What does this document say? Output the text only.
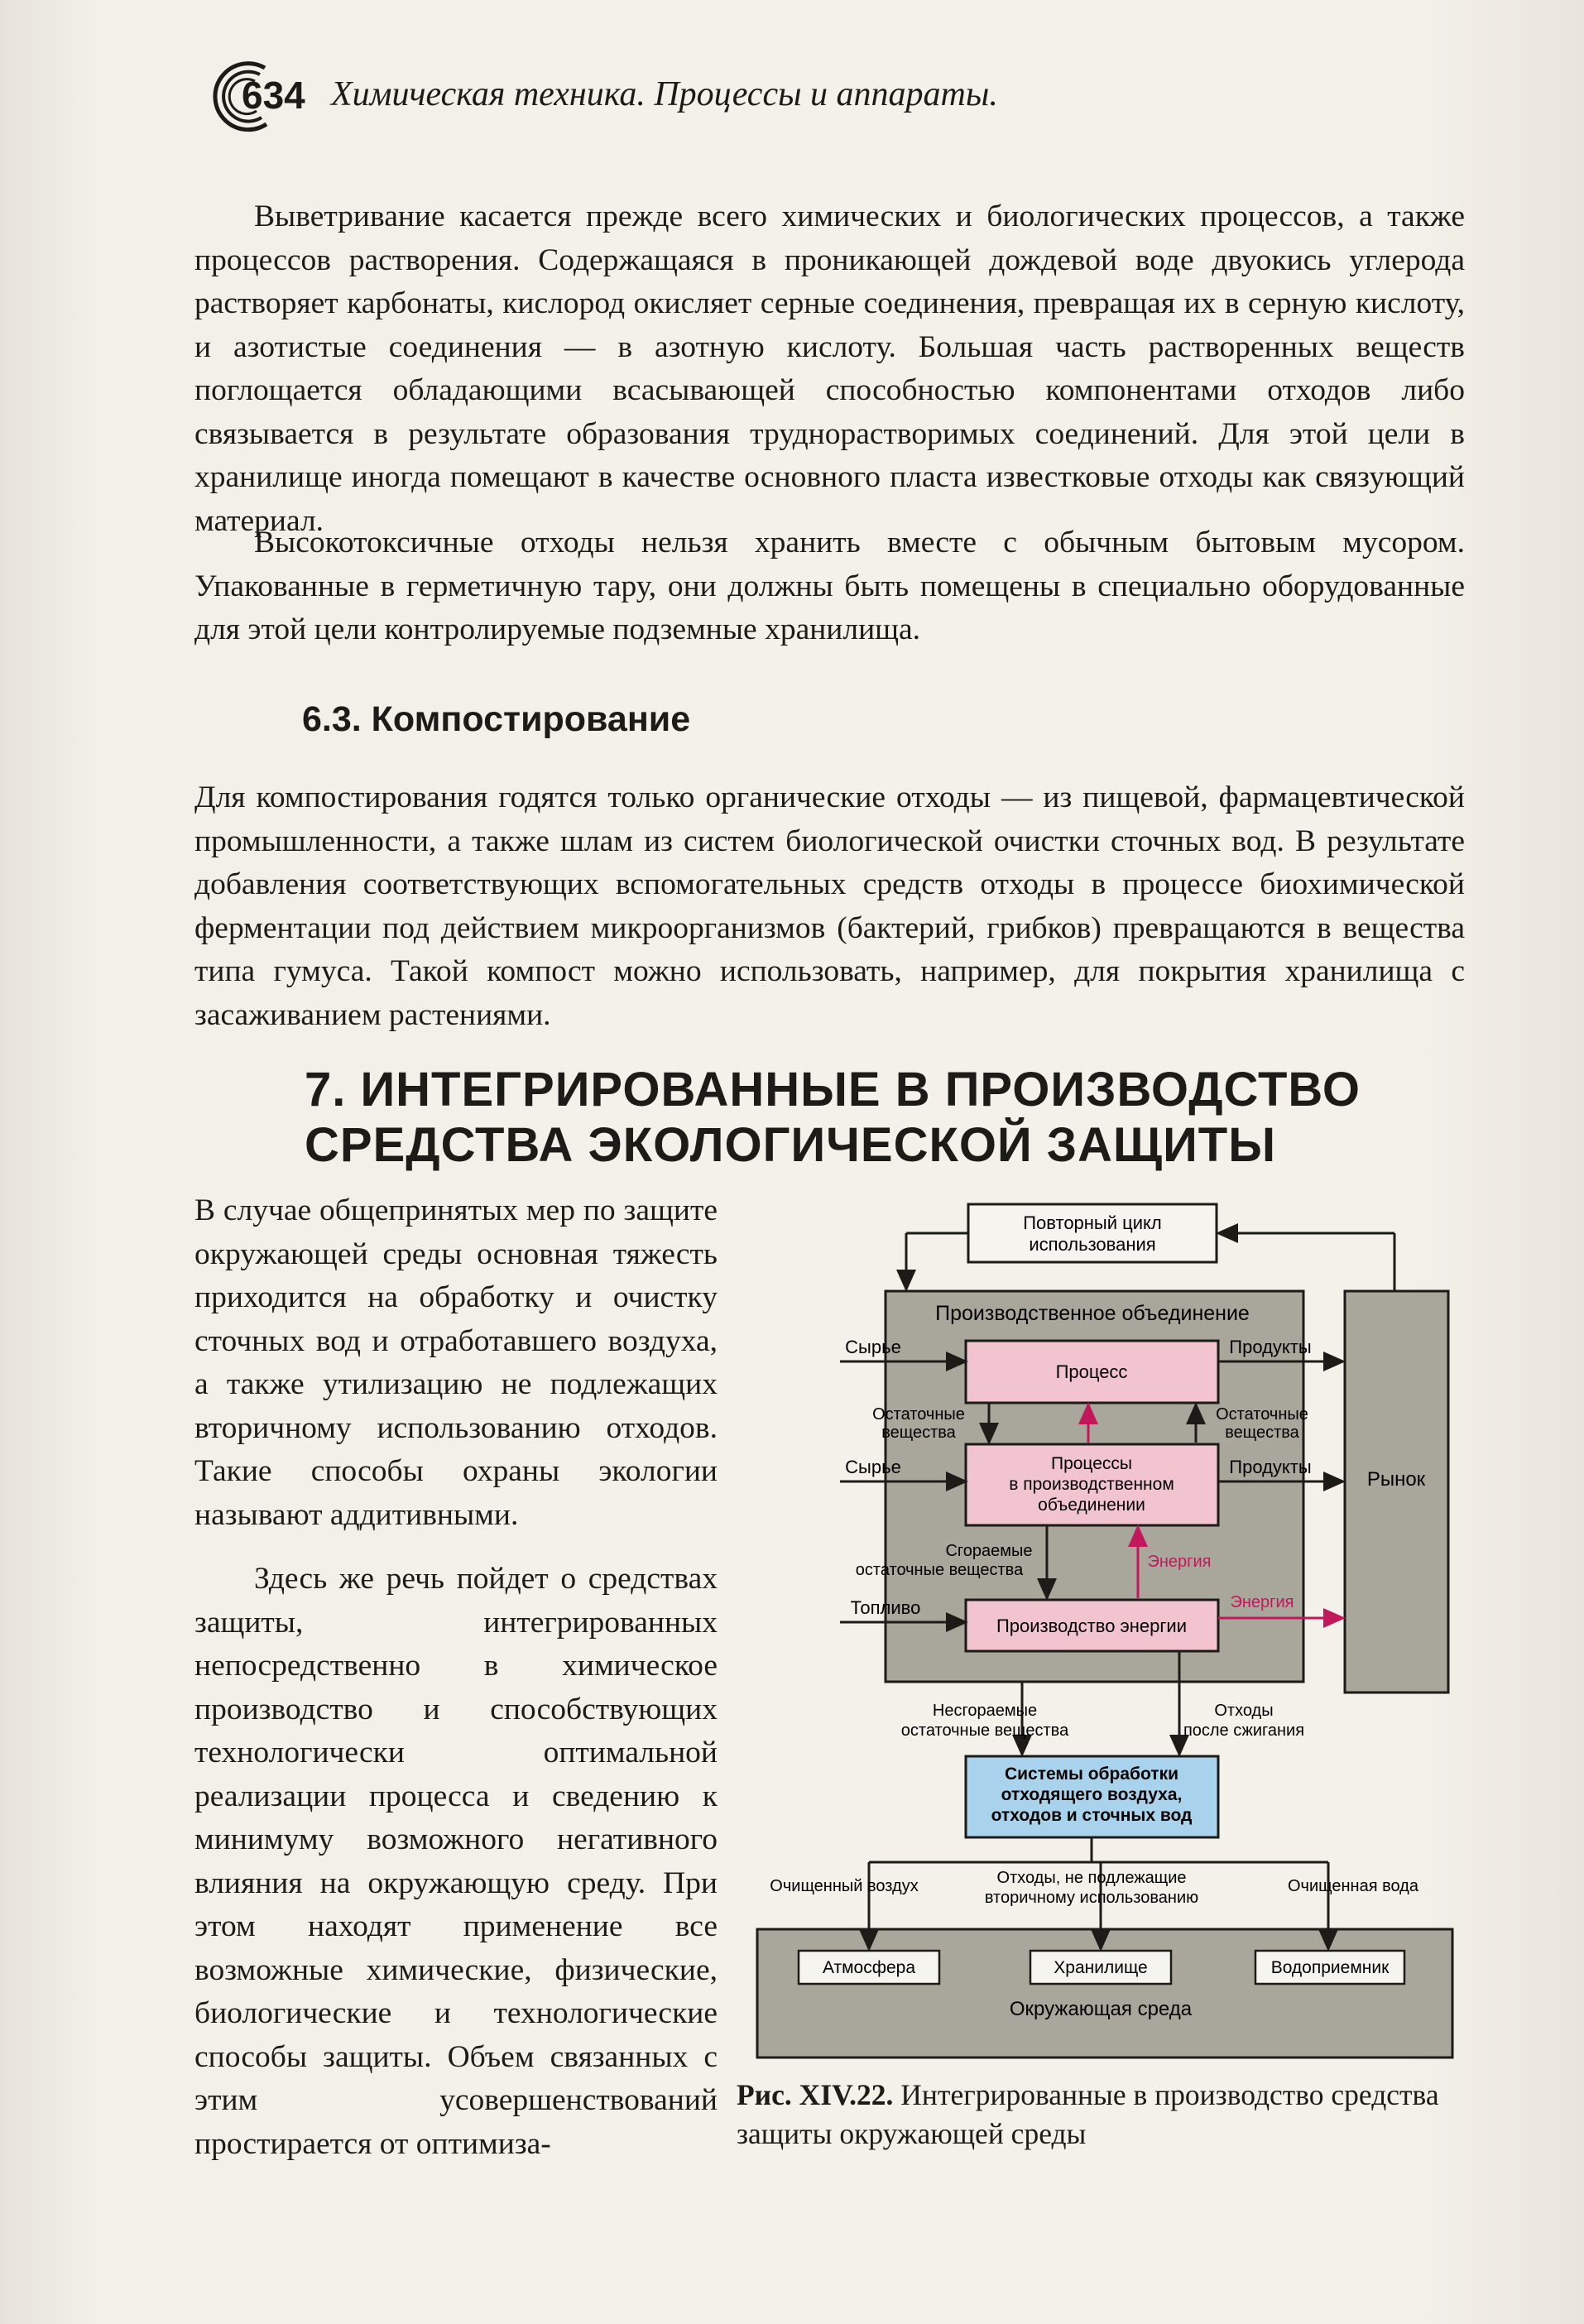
634 Химическая техника. Процессы и аппараты.

Выветривание касается прежде всего химических и биологических процессов, а также процессов растворения. Содержащаяся в проникающей дождевой воде двуокись углерода растворяет карбонаты, кислород окисляет серные соединения, превращая их в серную кислоту, и азотистые соединения — в азотную кислоту. Большая часть растворенных веществ поглощается обладающими всасывающей способностью компонентами отходов либо связывается в результате образования труднорастворимых соединений. Для этой цели в хранилище иногда помещают в качестве основного пласта известковые отходы как связующий материал.

Высокотоксичные отходы нельзя хранить вместе с обычным бытовым мусором. Упакованные в герметичную тару, они должны быть помещены в специально оборудованные для этой цели контролируемые подземные хранилища.

6.3. Компостирование

Для компостирования годятся только органические отходы — из пищевой, фармацевтической промышленности, а также шлам из систем биологической очистки сточных вод. В результате добавления соответствующих вспомогательных средств отходы в процессе биохимической ферментации под действием микроорганизмов (бактерий, грибков) превращаются в вещества типа гумуса. Такой компост можно использовать, например, для покрытия хранилища с засаживанием растениями.

7. ИНТЕГРИРОВАННЫЕ В ПРОИЗВОДСТВО
СРЕДСТВА ЭКОЛОГИЧЕСКОЙ ЗАЩИТЫ

В случае общепринятых мер по защите окружающей среды основная тяжесть приходится на обработку и очистку сточных вод и отработавшего воздуха, а также утилизацию не подлежащих вторичному использованию отходов. Такие способы охраны экологии называют аддитивными.

Здесь же речь пойдет о средствах защиты, интегрированных непосредственно в химическое производство и способствующих технологически оптимальной реализации процесса и сведению к минимуму возможного негативного влияния на окружающую среду. При этом находят применение все возможные химические, физические, биологические и технологические способы защиты. Объем связанных с этим усовершенствований простирается от оптимиза-

Повторный цикл
использования
Производственное объединение
Рынок
Процесс
Процессы
в производственном
объединении
Производство энергии
Системы обработки
отходящего воздуха,
отходов и сточных вод
Атмосфера	Хранилище	Водоприемник
Окружающая среда
Сырье	Продукты
Сырье	Продукты
Остаточные
вещества
Остаточные
вещества
Сгораемые
остаточные вещества	Энергия
Топливо	Энергия
Несгораемые
остаточные вещества
Отходы
после сжигания
Очищенный воздух	Отходы, не подлежащие
вторичному использованию
Очищенная вода
Рис. XIV.22. Интегрированные в производство средства защиты окружающей среды
